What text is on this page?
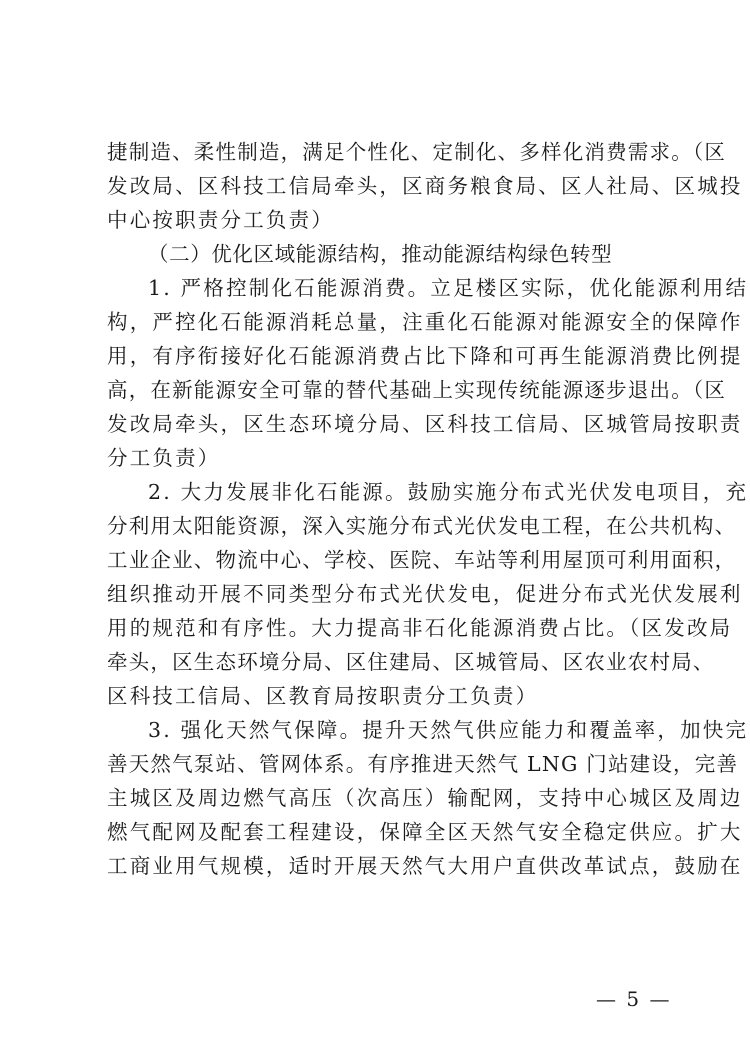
捷制造、柔性制造，满足个性化、定制化、多样化消费需求。（区
发改局、区科技工信局牵头，区商务粮食局、区人社局、区城投
中心按职责分工负责）
（二）优化区域能源结构，推动能源结构绿色转型
1. 严格控制化石能源消费。立足楼区实际，优化能源利用结
构，严控化石能源消耗总量，注重化石能源对能源安全的保障作
用，有序衔接好化石能源消费占比下降和可再生能源消费比例提
高，在新能源安全可靠的替代基础上实现传统能源逐步退出。（区
发改局牵头，区生态环境分局、区科技工信局、区城管局按职责
分工负责）
2. 大力发展非化石能源。鼓励实施分布式光伏发电项目，充
分利用太阳能资源，深入实施分布式光伏发电工程，在公共机构、
工业企业、物流中心、学校、医院、车站等利用屋顶可利用面积，
组织推动开展不同类型分布式光伏发电，促进分布式光伏发展利
用的规范和有序性。大力提高非石化能源消费占比。（区发改局
牵头，区生态环境分局、区住建局、区城管局、区农业农村局、
区科技工信局、区教育局按职责分工负责）
3. 强化天然气保障。提升天然气供应能力和覆盖率，加快完
善天然气泵站、管网体系。有序推进天然气 LNG 门站建设，完善
主城区及周边燃气高压（次高压）输配网，支持中心城区及周边
燃气配网及配套工程建设，保障全区天然气安全稳定供应。扩大
工商业用气规模，适时开展天然气大用户直供改革试点，鼓励在
— 5 —
